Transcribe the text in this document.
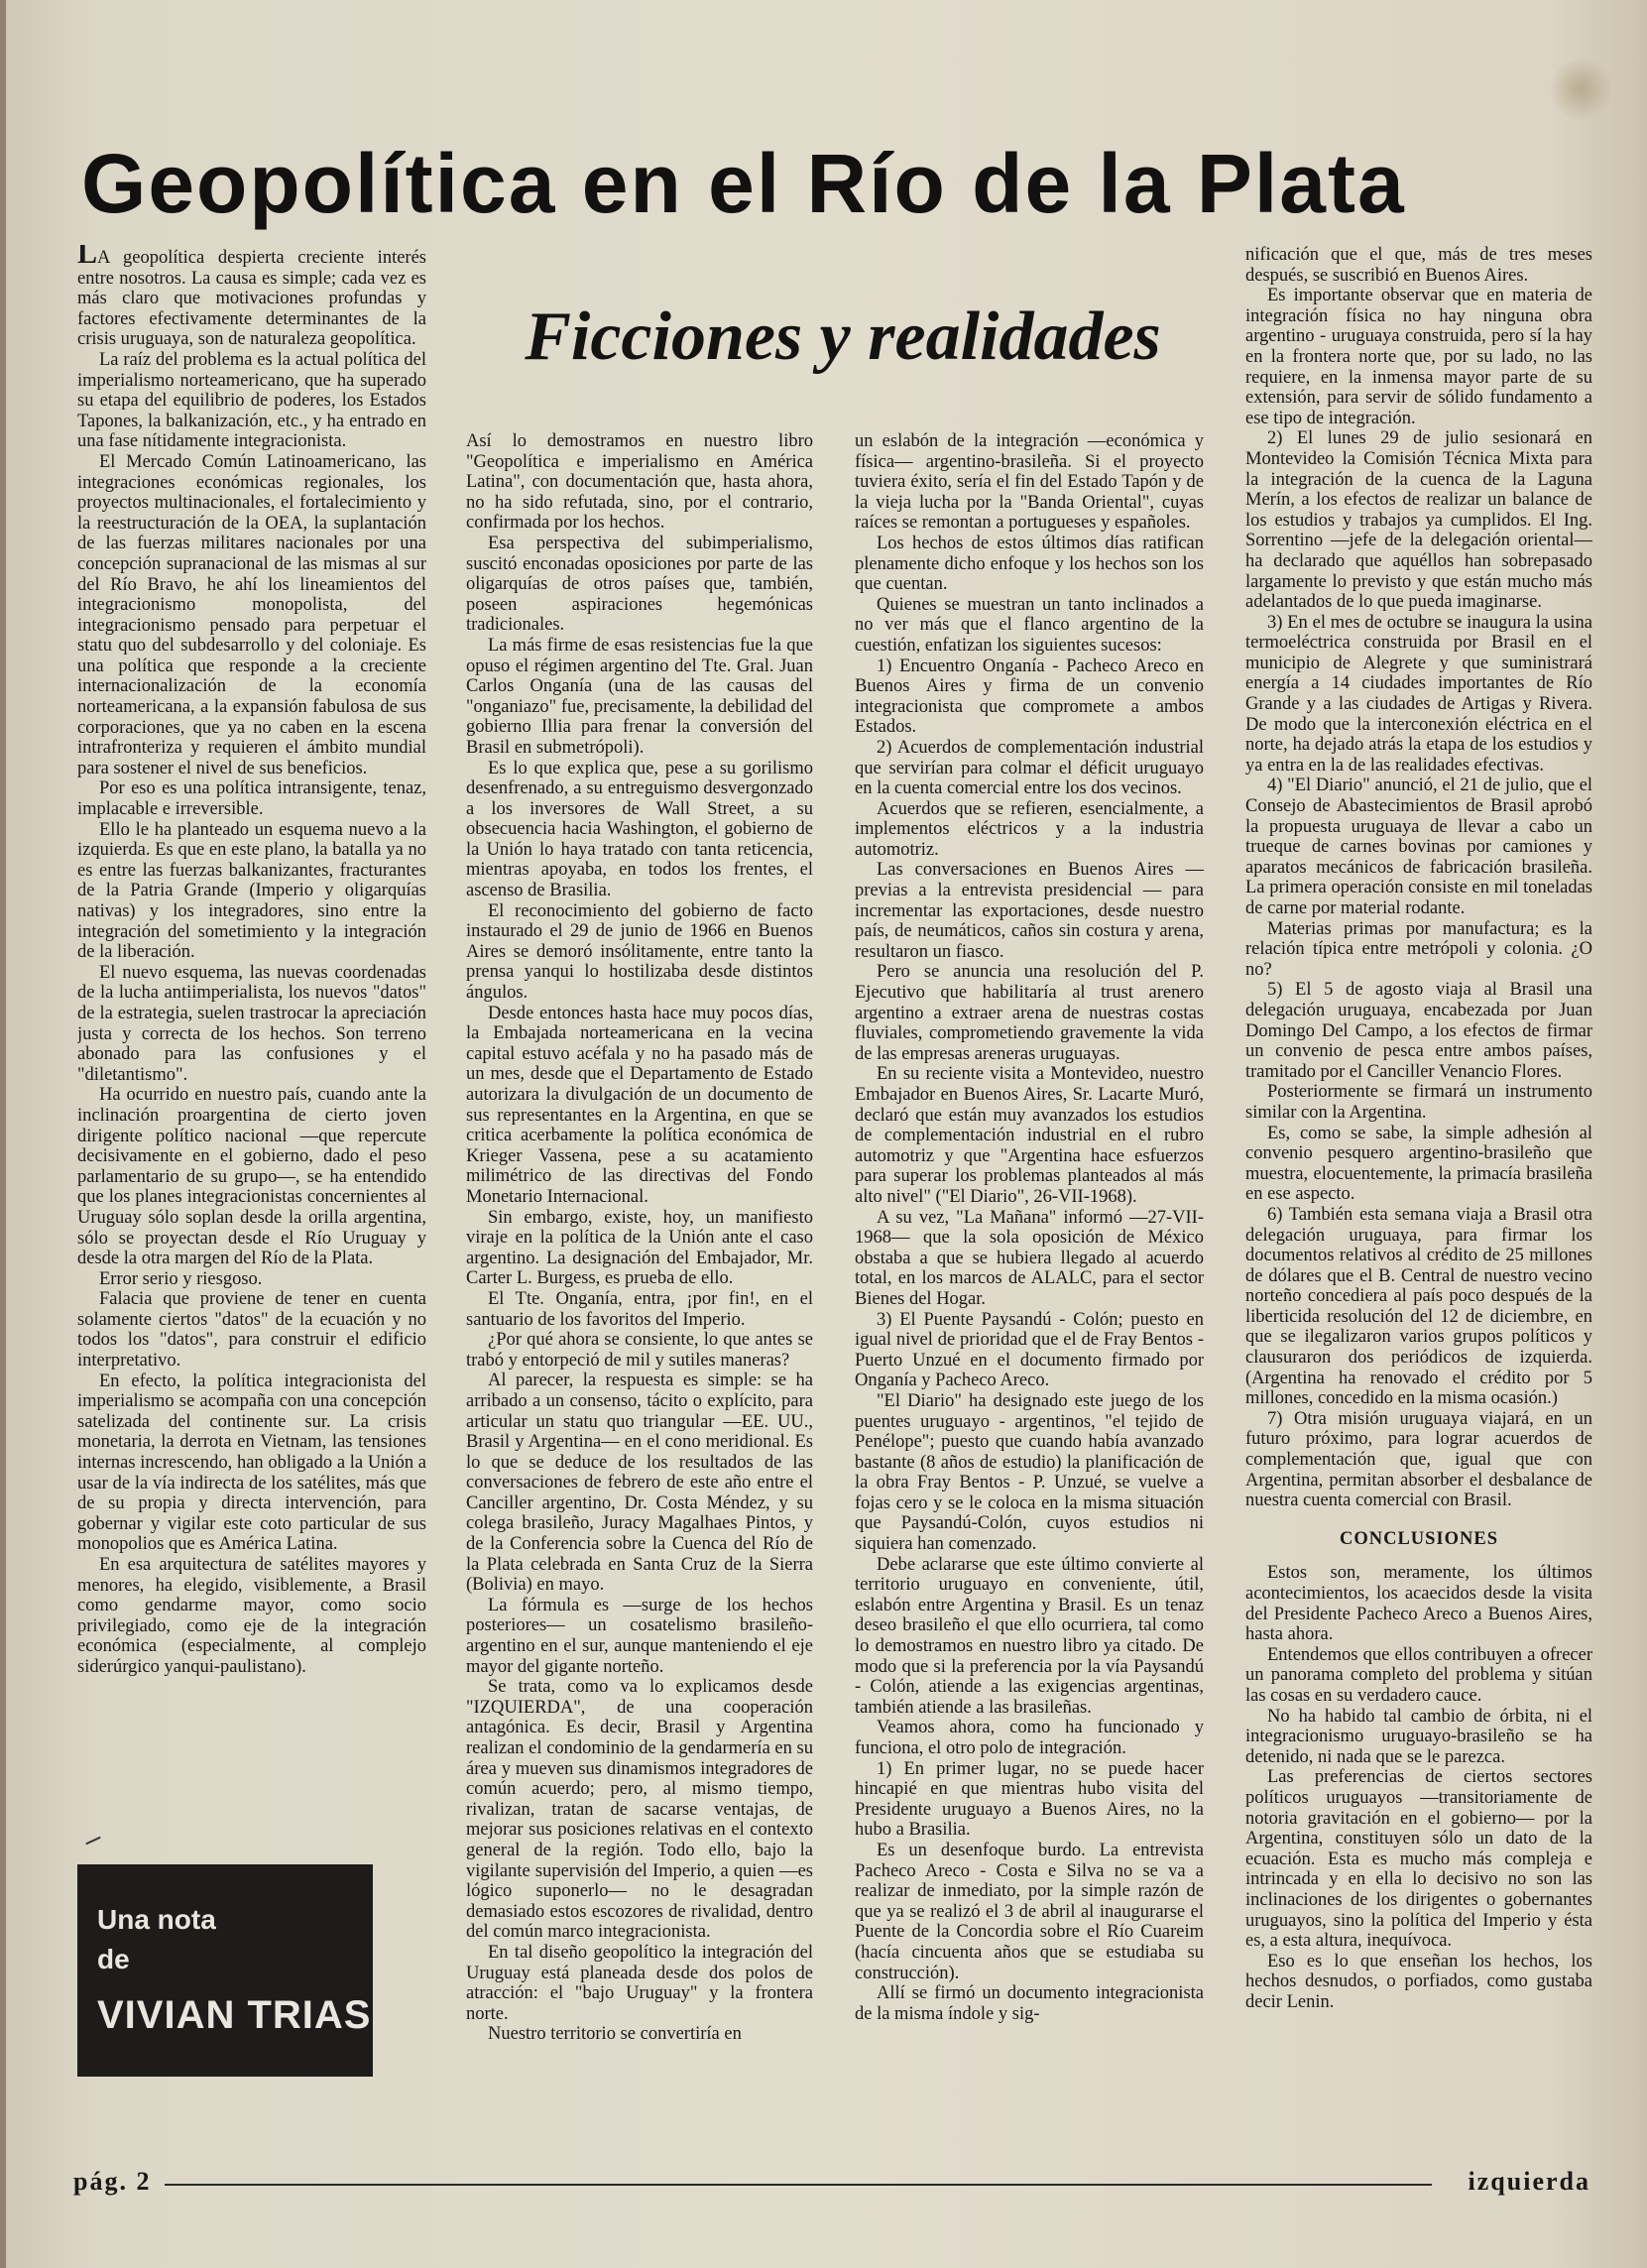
Geopolítica en el Río de la Plata
Ficciones y realidades

LA geopolítica despierta creciente interés entre nosotros. La causa es simple; cada vez es más claro que motivaciones profundas y factores efectivamente determinantes de la crisis uruguaya, son de naturaleza geopolítica.

La raíz del problema es la actual política del imperialismo norteamericano, que ha superado su etapa del equilibrio de poderes, los Estados Tapones, la balkanización, etc., y ha entrado en una fase nítidamente integracionista.

El Mercado Común Latinoamericano, las integraciones económicas regionales, los proyectos multinacionales, el fortalecimiento y la reestructuración de la OEA, la suplantación de las fuerzas militares nacionales por una concepción supranacional de las mismas al sur del Río Bravo, he ahí los lineamientos del integracionismo monopolista, del integracionismo pensado para perpetuar el statu quo del subdesarrollo y del coloniaje. Es una política que responde a la creciente internacionalización de la economía norteamericana, a la expansión fabulosa de sus corporaciones, que ya no caben en la escena intrafronteriza y requieren el ámbito mundial para sostener el nivel de sus beneficios.

Por eso es una política intransigente, tenaz, implacable e irreversible.

Ello le ha planteado un esquema nuevo a la izquierda. Es que en este plano, la batalla ya no es entre las fuerzas balkanizantes, fracturantes de la Patria Grande (Imperio y oligarquías nativas) y los integradores, sino entre la integración del sometimiento y la integración de la liberación.

El nuevo esquema, las nuevas coordenadas de la lucha antiimperialista, los nuevos "datos" de la estrategia, suelen trastrocar la apreciación justa y correcta de los hechos. Son terreno abonado para las confusiones y el "diletantismo".

Ha ocurrido en nuestro país, cuando ante la inclinación proargentina de cierto joven dirigente político nacional —que repercute decisivamente en el gobierno, dado el peso parlamentario de su grupo—, se ha entendido que los planes integracionistas concernientes al Uruguay sólo soplan desde la orilla argentina, sólo se proyectan desde el Río Uruguay y desde la otra margen del Río de la Plata.

Error serio y riesgoso.

Falacia que proviene de tener en cuenta solamente ciertos "datos" de la ecuación y no todos los "datos", para construir el edificio interpretativo.

En efecto, la política integracionista del imperialismo se acompaña con una concepción satelizada del continente sur. La crisis monetaria, la derrota en Vietnam, las tensiones internas increscendo, han obligado a la Unión a usar de la vía indirecta de los satélites, más que de su propia y directa intervención, para gobernar y vigilar este coto particular de sus monopolios que es América Latina.

En esa arquitectura de satélites mayores y menores, ha elegido, visiblemente, a Brasil como gendarme mayor, como socio privilegiado, como eje de la integración económica (especialmente, al complejo siderúrgico yanqui-paulistano).

Así lo demostramos en nuestro libro "Geopolítica e imperialismo en América Latina", con documentación que, hasta ahora, no ha sido refutada, sino, por el contrario, confirmada por los hechos.

Esa perspectiva del subimperialismo, suscitó enconadas oposiciones por parte de las oligarquías de otros países que, también, poseen aspiraciones hegemónicas tradicionales.

La más firme de esas resistencias fue la que opuso el régimen argentino del Tte. Gral. Juan Carlos Onganía (una de las causas del "onganiazo" fue, precisamente, la debilidad del gobierno Illia para frenar la conversión del Brasil en submetrópoli).

Es lo que explica que, pese a su gorilismo desenfrenado, a su entreguismo desvergonzado a los inversores de Wall Street, a su obsecuencia hacia Washington, el gobierno de la Unión lo haya tratado con tanta reticencia, mientras apoyaba, en todos los frentes, el ascenso de Brasilia.

El reconocimiento del gobierno de facto instaurado el 29 de junio de 1966 en Buenos Aires se demoró insólitamente, entre tanto la prensa yanqui lo hostilizaba desde distintos ángulos.

Desde entonces hasta hace muy pocos días, la Embajada norteamericana en la vecina capital estuvo acéfala y no ha pasado más de un mes, desde que el Departamento de Estado autorizara la divulgación de un documento de sus representantes en la Argentina, en que se critica acerbamente la política económica de Krieger Vassena, pese a su acatamiento milimétrico de las directivas del Fondo Monetario Internacional.

Sin embargo, existe, hoy, un manifiesto viraje en la política de la Unión ante el caso argentino. La designación del Embajador, Mr. Carter L. Burgess, es prueba de ello.

El Tte. Onganía, entra, ¡por fin!, en el santuario de los favoritos del Imperio.

¿Por qué ahora se consiente, lo que antes se trabó y entorpeció de mil y sutiles maneras?

Al parecer, la respuesta es simple: se ha arribado a un consenso, tácito o explícito, para articular un statu quo triangular —EE. UU., Brasil y Argentina— en el cono meridional. Es lo que se deduce de los resultados de las conversaciones de febrero de este año entre el Canciller argentino, Dr. Costa Méndez, y su colega brasileño, Juracy Magalhaes Pintos, y de la Conferencia sobre la Cuenca del Río de la Plata celebrada en Santa Cruz de la Sierra (Bolivia) en mayo.

La fórmula es —surge de los hechos posteriores— un cosatelismo brasileño-argentino en el sur, aunque manteniendo el eje mayor del gigante norteño.

Se trata, como va lo explicamos desde "IZQUIERDA", de una cooperación antagónica. Es decir, Brasil y Argentina realizan el condominio de la gendarmería en su área y mueven sus dinamismos integradores de común acuerdo; pero, al mismo tiempo, rivalizan, tratan de sacarse ventajas, de mejorar sus posiciones relativas en el contexto general de la región. Todo ello, bajo la vigilante supervisión del Imperio, a quien —es lógico suponerlo— no le desagradan demasiado estos escozores de rivalidad, dentro del común marco integracionista.

En tal diseño geopolítico la integración del Uruguay está planeada desde dos polos de atracción: el "bajo Uruguay" y la frontera norte.

Nuestro territorio se convertiría en

un eslabón de la integración —económica y física— argentino-brasileña. Si el proyecto tuviera éxito, sería el fin del Estado Tapón y de la vieja lucha por la "Banda Oriental", cuyas raíces se remontan a portugueses y españoles.

Los hechos de estos últimos días ratifican plenamente dicho enfoque y los hechos son los que cuentan.

Quienes se muestran un tanto inclinados a no ver más que el flanco argentino de la cuestión, enfatizan los siguientes sucesos:

1) Encuentro Onganía - Pacheco Areco en Buenos Aires y firma de un convenio integracionista que compromete a ambos Estados.

2) Acuerdos de complementación industrial que servirían para colmar el déficit uruguayo en la cuenta comercial entre los dos vecinos.

Acuerdos que se refieren, esencialmente, a implementos eléctricos y a la industria automotriz.

Las conversaciones en Buenos Aires — previas a la entrevista presidencial — para incrementar las exportaciones, desde nuestro país, de neumáticos, caños sin costura y arena, resultaron un fiasco.

Pero se anuncia una resolución del P. Ejecutivo que habilitaría al trust arenero argentino a extraer arena de nuestras costas fluviales, comprometiendo gravemente la vida de las empresas areneras uruguayas.

En su reciente visita a Montevideo, nuestro Embajador en Buenos Aires, Sr. Lacarte Muró, declaró que están muy avanzados los estudios de complementación industrial en el rubro automotriz y que "Argentina hace esfuerzos para superar los problemas planteados al más alto nivel" ("El Diario", 26-VII-1968).

A su vez, "La Mañana" informó —27-VII-1968— que la sola oposición de México obstaba a que se hubiera llegado al acuerdo total, en los marcos de ALALC, para el sector Bienes del Hogar.

3) El Puente Paysandú - Colón; puesto en igual nivel de prioridad que el de Fray Bentos - Puerto Unzué en el documento firmado por Onganía y Pacheco Areco.

"El Diario" ha designado este juego de los puentes uruguayo - argentinos, "el tejido de Penélope"; puesto que cuando había avanzado bastante (8 años de estudio) la planificación de la obra Fray Bentos - P. Unzué, se vuelve a fojas cero y se le coloca en la misma situación que Paysandú-Colón, cuyos estudios ni siquiera han comenzado.

Debe aclararse que este último convierte al territorio uruguayo en conveniente, útil, eslabón entre Argentina y Brasil. Es un tenaz deseo brasileño el que ello ocurriera, tal como lo demostramos en nuestro libro ya citado. De modo que si la preferencia por la vía Paysandú - Colón, atiende a las exigencias argentinas, también atiende a las brasileñas.

Veamos ahora, como ha funcionado y funciona, el otro polo de integración.

1) En primer lugar, no se puede hacer hincapié en que mientras hubo visita del Presidente uruguayo a Buenos Aires, no la hubo a Brasilia.

Es un desenfoque burdo. La entrevista Pacheco Areco - Costa e Silva no se va a realizar de inmediato, por la simple razón de que ya se realizó el 3 de abril al inaugurarse el Puente de la Concordia sobre el Río Cuareim (hacía cincuenta años que se estudiaba su construcción).

Allí se firmó un documento integracionista de la misma índole y sig-

nificación que el que, más de tres meses después, se suscribió en Buenos Aires.

Es importante observar que en materia de integración física no hay ninguna obra argentino - uruguaya construida, pero sí la hay en la frontera norte que, por su lado, no las requiere, en la inmensa mayor parte de su extensión, para servir de sólido fundamento a ese tipo de integración.

2) El lunes 29 de julio sesionará en Montevideo la Comisión Técnica Mixta para la integración de la cuenca de la Laguna Merín, a los efectos de realizar un balance de los estudios y trabajos ya cumplidos. El Ing. Sorrentino —jefe de la delegación oriental— ha declarado que aquéllos han sobrepasado largamente lo previsto y que están mucho más adelantados de lo que pueda imaginarse.

3) En el mes de octubre se inaugura la usina termoeléctrica construida por Brasil en el municipio de Alegrete y que suministrará energía a 14 ciudades importantes de Río Grande y a las ciudades de Artigas y Rivera. De modo que la interconexión eléctrica en el norte, ha dejado atrás la etapa de los estudios y ya entra en la de las realidades efectivas.

4) "El Diario" anunció, el 21 de julio, que el Consejo de Abastecimientos de Brasil aprobó la propuesta uruguaya de llevar a cabo un trueque de carnes bovinas por camiones y aparatos mecánicos de fabricación brasileña. La primera operación consiste en mil toneladas de carne por material rodante.

Materias primas por manufactura; es la relación típica entre metrópoli y colonia. ¿O no?

5) El 5 de agosto viaja al Brasil una delegación uruguaya, encabezada por Juan Domingo Del Campo, a los efectos de firmar un convenio de pesca entre ambos países, tramitado por el Canciller Venancio Flores.

Posteriormente se firmará un instrumento similar con la Argentina.

Es, como se sabe, la simple adhesión al convenio pesquero argentino-brasileño que muestra, elocuentemente, la primacía brasileña en ese aspecto.

6) También esta semana viaja a Brasil otra delegación uruguaya, para firmar los documentos relativos al crédito de 25 millones de dólares que el B. Central de nuestro vecino norteño concediera al país poco después de la liberticida resolución del 12 de diciembre, en que se ilegalizaron varios grupos políticos y clausuraron dos periódicos de izquierda. (Argentina ha renovado el crédito por 5 millones, concedido en la misma ocasión.)

7) Otra misión uruguaya viajará, en un futuro próximo, para lograr acuerdos de complementación que, igual que con Argentina, permitan absorber el desbalance de nuestra cuenta comercial con Brasil.

CONCLUSIONES

Estos son, meramente, los últimos acontecimientos, los acaecidos desde la visita del Presidente Pacheco Areco a Buenos Aires, hasta ahora.

Entendemos que ellos contribuyen a ofrecer un panorama completo del problema y sitúan las cosas en su verdadero cauce.

No ha habido tal cambio de órbita, ni el integracionismo uruguayo-brasileño se ha detenido, ni nada que se le parezca.

Las preferencias de ciertos sectores políticos uruguayos —transitoriamente de notoria gravitación en el gobierno— por la Argentina, constituyen sólo un dato de la ecuación. Esta es mucho más compleja e intrincada y en ella lo decisivo no son las inclinaciones de los dirigentes o gobernantes uruguayos, sino la política del Imperio y ésta es, a esta altura, inequívoca.

Eso es lo que enseñan los hechos, los hechos desnudos, o porfiados, como gustaba decir Lenin.

Una nota
de
VIVIAN TRIAS
pág. 2	izquierda
